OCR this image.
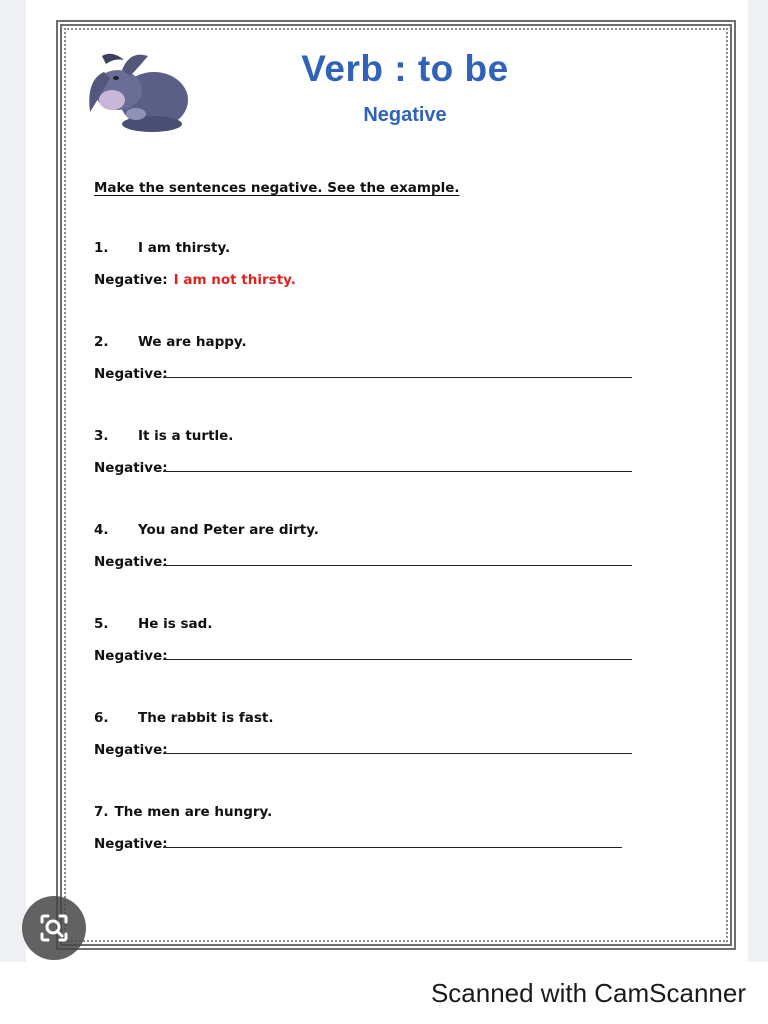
Verb : to be
Negative
Make the sentences negative. See the example.
1. I am thirsty.
Negative: I am not thirsty.
2. We are happy.
Negative:
3. It is a turtle.
Negative:
4. You and Peter are dirty.
Negative:
5. He is sad.
Negative:
6. The rabbit is fast.
Negative:
7. The men are hungry.
Negative:
Scanned with CamScanner
